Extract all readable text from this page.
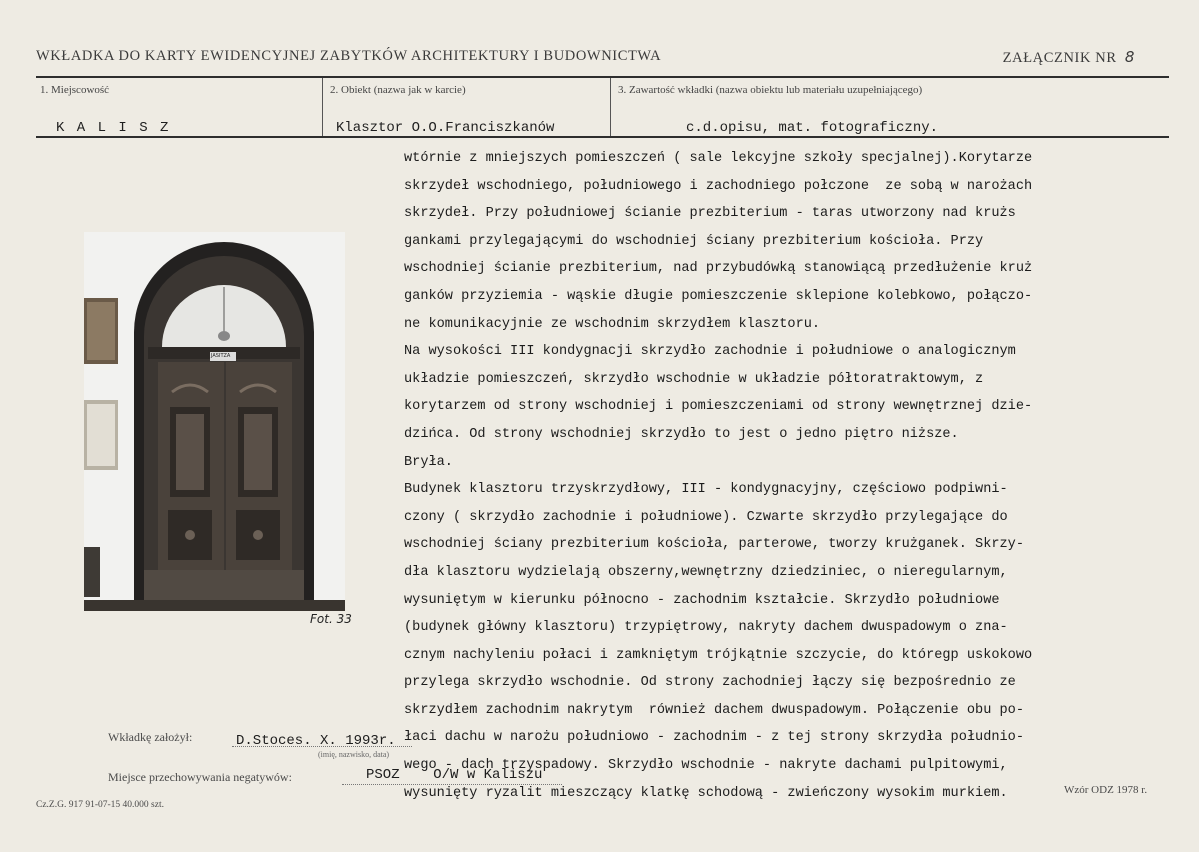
WKŁADKA DO KARTY EWIDENCYJNEJ ZABYTKÓW ARCHITEKTURY I BUDOWNICTWA	ZAŁĄCZNIK NR 8
1. Miejscowość	2. Obiekt (nazwa jak w karcie)	3. Zawartość wkładki (nazwa obiektu lub materiału uzupełniającego)
K A L I S Z	Klasztor O.O.Franciszkanów	c.d.opisu, mat. fotograficzny.
wtórnie z mniejszych pomieszczeń ( sale lekcyjne szkoły specjalnej).Korytarze
skrzydeł wschodniego, południowego i zachodniego połczone  ze sobą w narożach
skrzydeł. Przy południowej ścianie prezbiterium - taras utworzony nad krużs
gankami przylegającymi do wschodniej ściany prezbiterium kościoła. Przy
wschodniej ścianie prezbiterium, nad przybudówką stanowiącą przedłużenie kruż
ganków przyziemia - wąskie długie pomieszczenie sklepione kolebkowo, połączo-
ne komunikacyjnie ze wschodnim skrzydłem klasztoru.
Na wysokości III kondygnacji skrzydło zachodnie i południowe o analogicznym
układzie pomieszczeń, skrzydło wschodnie w układzie półtoratraktowym, z
korytarzem od strony wschodniej i pomieszczeniami od strony wewnętrznej dzie-
dzińca. Od strony wschodniej skrzydło to jest o jedno piętro niższe.
Bryła.
Budynek klasztoru trzyskrzydłowy, III - kondygnacyjny, częściowo podpiwni-
czony ( skrzydło zachodnie i południowe). Czwarte skrzydło przylegające do
wschodniej ściany prezbiterium kościoła, parterowe, tworzy krużganek. Skrzy-
dła klasztoru wydzielają obszerny,wewnętrzny dziedziniec, o nieregularnym,
wysuniętym w kierunku północno - zachodnim kształcie. Skrzydło południowe
(budynek główny klasztoru) trzypiętrowy, nakryty dachem dwuspadowym o zna-
cznym nachyleniu połaci i zamkniętym trójkątnie szczycie, do któregp uskokowo
przylega skrzydło wschodnie. Od strony zachodniej łączy się bezpośrednio ze
skrzydłem zachodnim nakrytym  również dachem dwuspadowym. Połączenie obu po-
łaci dachu w narożu południowo - zachodnim - z tej strony skrzydła południo-
wego - dach trzyspadowy. Skrzydło wschodnie - nakryte dachami pulpitowymi,
wysunięty ryzalit mieszczący klatkę schodową - zwieńczony wysokim murkiem.
JASITZA
Fot. 33
Wkładkę założył:	D.Stoces. X. 1993r.
(imię, nazwisko, data)
Miejsce przechowywania negatywów:	PSOZ    O/W w Kaliszu
Cz.Z.G. 917 91-07-15 40.000 szt.
Wzór ODZ 1978 r.
